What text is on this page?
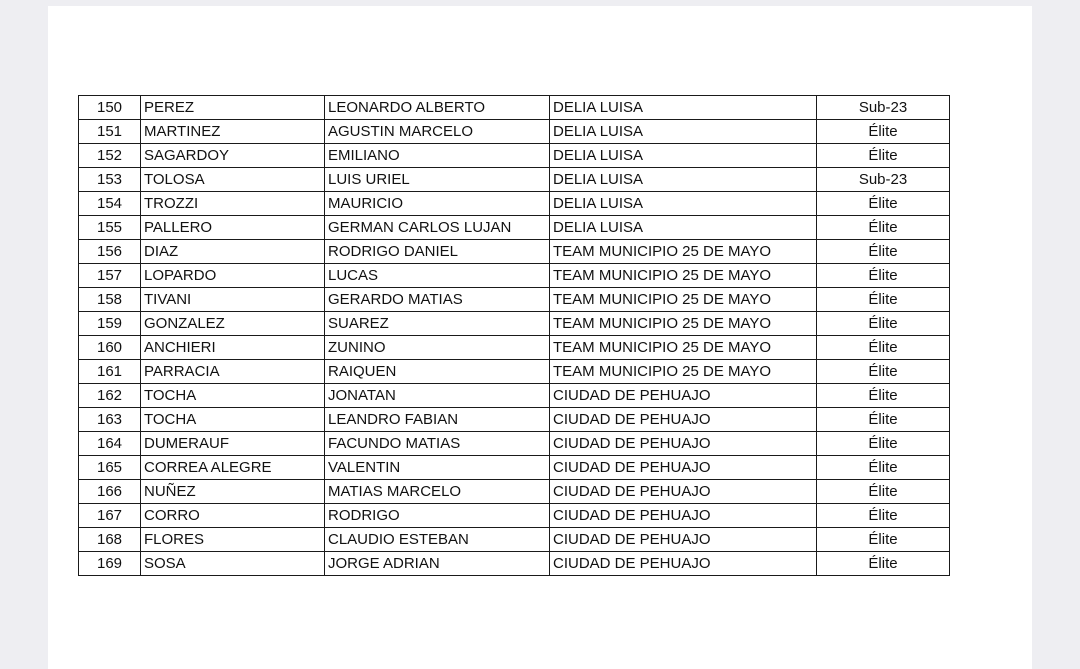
150	PEREZ	LEONARDO ALBERTO	DELIA LUISA	Sub-23
151	MARTINEZ	AGUSTIN MARCELO	DELIA LUISA	Élite
152	SAGARDOY	EMILIANO	DELIA LUISA	Élite
153	TOLOSA	LUIS URIEL	DELIA LUISA	Sub-23
154	TROZZI	MAURICIO	DELIA LUISA	Élite
155	PALLERO	GERMAN CARLOS LUJAN	DELIA LUISA	Élite
156	DIAZ	RODRIGO DANIEL	TEAM MUNICIPIO 25 DE MAYO	Élite
157	LOPARDO	LUCAS	TEAM MUNICIPIO 25 DE MAYO	Élite
158	TIVANI	GERARDO MATIAS	TEAM MUNICIPIO 25 DE MAYO	Élite
159	GONZALEZ	SUAREZ	TEAM MUNICIPIO 25 DE MAYO	Élite
160	ANCHIERI	ZUNINO	TEAM MUNICIPIO 25 DE MAYO	Élite
161	PARRACIA	RAIQUEN	TEAM MUNICIPIO 25 DE MAYO	Élite
162	TOCHA	JONATAN	CIUDAD DE PEHUAJO	Élite
163	TOCHA	LEANDRO FABIAN	CIUDAD DE PEHUAJO	Élite
164	DUMERAUF	FACUNDO MATIAS	CIUDAD DE PEHUAJO	Élite
165	CORREA ALEGRE	VALENTIN	CIUDAD DE PEHUAJO	Élite
166	NUÑEZ	MATIAS MARCELO	CIUDAD DE PEHUAJO	Élite
167	CORRO	RODRIGO	CIUDAD DE PEHUAJO	Élite
168	FLORES	CLAUDIO ESTEBAN	CIUDAD DE PEHUAJO	Élite
169	SOSA	JORGE ADRIAN	CIUDAD DE PEHUAJO	Élite
